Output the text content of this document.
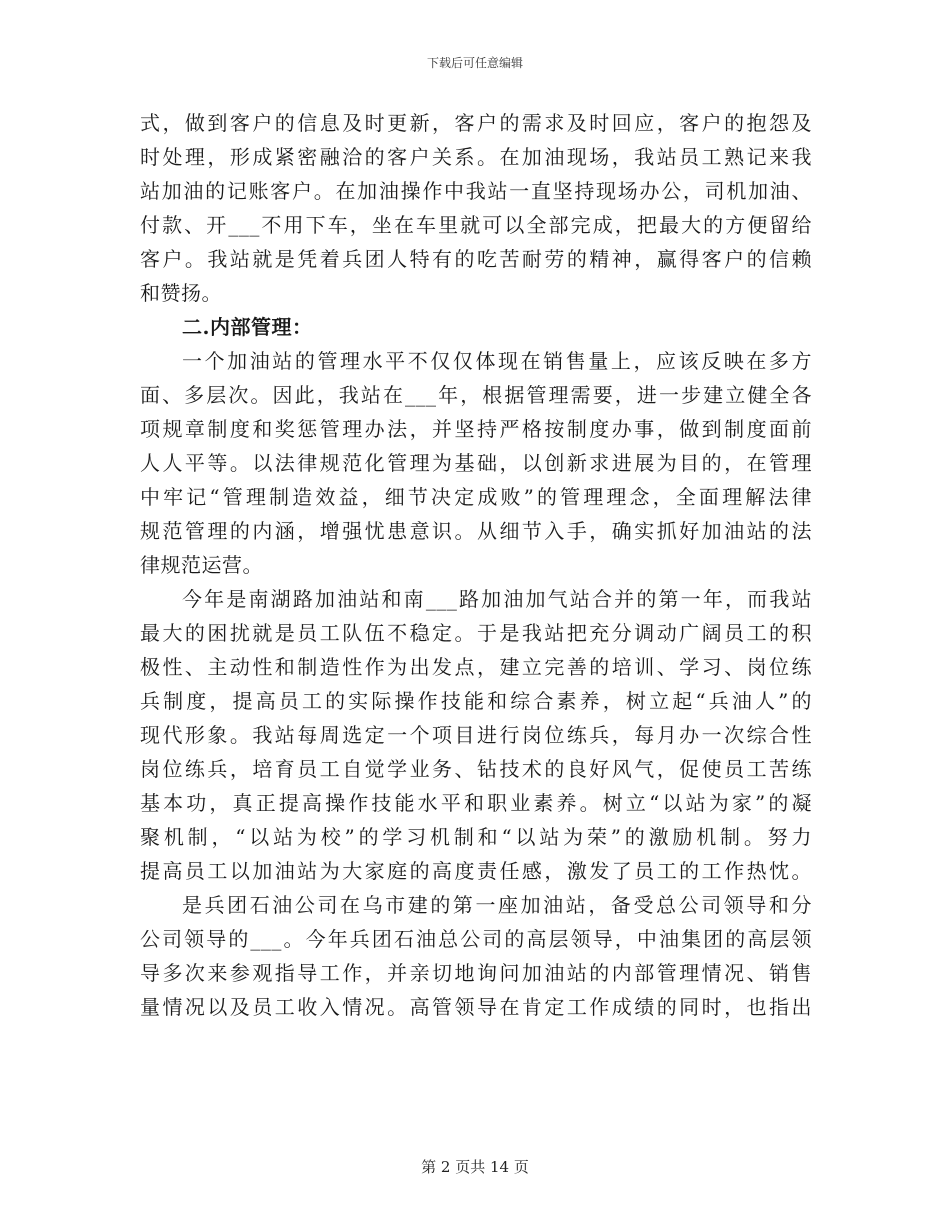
下载后可任意编辑
式，做到客户的信息及时更新，客户的需求及时回应，客户的抱怨及
时处理，形成紧密融洽的客户关系。在加油现场，我站员工熟记来我
站加油的记账客户。在加油操作中我站一直坚持现场办公，司机加油、
付款、开___不用下车，坐在车里就可以全部完成，把最大的方便留给
客户。我站就是凭着兵团人特有的吃苦耐劳的精神，赢得客户的信赖
和赞扬。
二.内部管理：
一个加油站的管理水平不仅仅体现在销售量上，应该反映在多方
面、多层次。因此，我站在___年，根据管理需要，进一步建立健全各
项规章制度和奖惩管理办法，并坚持严格按制度办事，做到制度面前
人人平等。以法律规范化管理为基础，以创新求进展为目的，在管理
中牢记“管理制造效益，细节决定成败”的管理理念，全面理解法律
规范管理的内涵，增强忧患意识。从细节入手，确实抓好加油站的法
律规范运营。
今年是南湖路加油站和南___路加油加气站合并的第一年，而我站
最大的困扰就是员工队伍不稳定。于是我站把充分调动广阔员工的积
极性、主动性和制造性作为出发点，建立完善的培训、学习、岗位练
兵制度，提高员工的实际操作技能和综合素养，树立起“兵油人”的
现代形象。我站每周选定一个项目进行岗位练兵，每月办一次综合性
岗位练兵，培育员工自觉学业务、钻技术的良好风气，促使员工苦练
基本功，真正提高操作技能水平和职业素养。树立“以站为家”的凝
聚机制，“以站为校”的学习机制和“以站为荣”的激励机制。努力
提高员工以加油站为大家庭的高度责任感，激发了员工的工作热忱。
是兵团石油公司在乌市建的第一座加油站，备受总公司领导和分
公司领导的___。今年兵团石油总公司的高层领导，中油集团的高层领
导多次来参观指导工作，并亲切地询问加油站的内部管理情况、销售
量情况以及员工收入情况。高管领导在肯定工作成绩的同时，也指出
第 2 页共 14 页
